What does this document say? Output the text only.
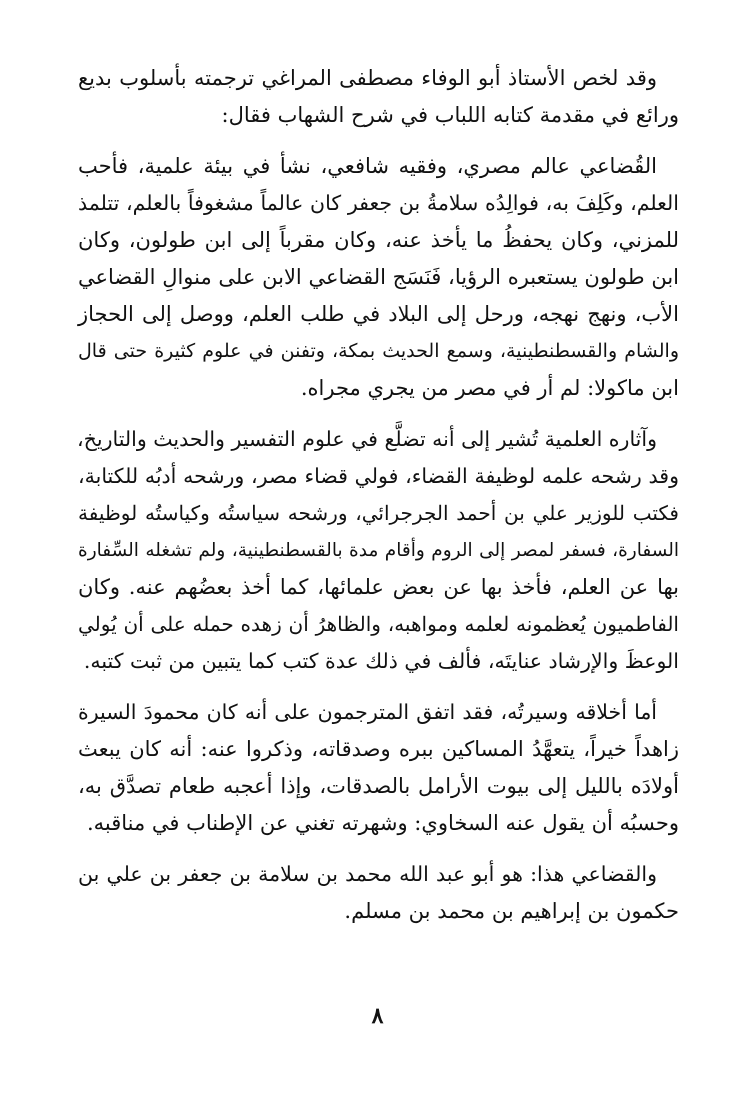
وقد لخص الأستاذ أبو الوفاء مصطفى المراغي ترجمته بأسلوب بديع
ورائع في مقدمة كتابه اللباب في شرح الشهاب فقال:
القُضاعي عالم مصري، وفقيه شافعي، نشأ في بيئة علمية، فأحب
العلم، وكَلِفَ به، فوالِدُه سلامةُ بن جعفر كان عالماً مشغوفاً بالعلم، تتلمذ
للمزني، وكان يحفظُ ما يأخذ عنه، وكان مقرباً إلى ابن طولون، وكان
ابن طولون يستعبره الرؤيا، فَنَسَج القضاعي الابن على منوالِ القضاعي
الأب، ونهج نهجه، ورحل إلى البلاد في طلب العلم، ووصل إلى الحجاز
والشام والقسطنطينية، وسمع الحديث بمكة، وتفنن في علوم كثيرة حتى قال
ابن ماكولا: لم أر في مصر من يجري مجراه.
وآثاره العلمية تُشير إلى أنه تضلَّع في علوم التفسير والحديث والتاريخ،
وقد رشحه علمه لوظيفة القضاء، فولي قضاء مصر، ورشحه أدبُه للكتابة،
فكتب للوزير علي بن أحمد الجرجرائي، ورشحه سياستُه وكياستُه لوظيفة
السفارة، فسفر لمصر إلى الروم وأقام مدة بالقسطنطينية، ولم تشغله السِّفارة
بها عن العلم، فأخذ بها عن بعض علمائها، كما أخذ بعضُهم عنه. وكان
الفاطميون يُعظمونه لعلمه ومواهبه، والظاهرُ أن زهده حمله على أن يُولي
الوعظَ والإرشاد عنايتَه، فألف في ذلك عدة كتب كما يتبين من ثبت كتبه.
أما أخلاقه وسيرتُه، فقد اتفق المترجمون على أنه كان محمودَ السيرة
زاهداً خيراً، يتعهَّدُ المساكين ببره وصدقاته، وذكروا عنه: أنه كان يبعث
أولادَه بالليل إلى بيوت الأرامل بالصدقات، وإذا أعجبه طعام تصدَّق به،
وحسبُه أن يقول عنه السخاوي: وشهرته تغني عن الإطناب في مناقبه.
والقضاعي هذا: هو أبو عبد الله محمد بن سلامة بن جعفر بن علي بن
حكمون بن إبراهيم بن محمد بن مسلم.
٨
